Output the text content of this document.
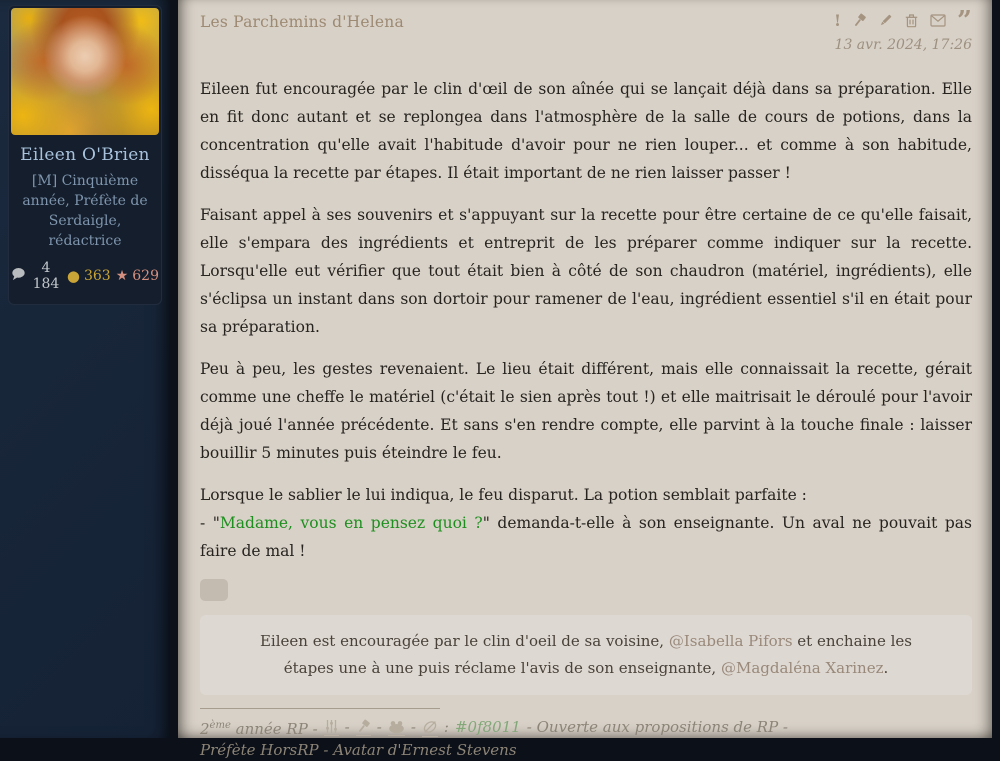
Eileen O'Brien
[M] Cinquième année, Préfète de Serdaigle, rédactrice
4 184 ● 363 ★ 629
Les Parchemins d'Helena	!	”
13 avr. 2024, 17:26

Eileen fut encouragée par le clin d'œil de son aînée qui se lançait déjà dans sa préparation. Elle en fit donc autant et se replongea dans l'atmosphère de la salle de cours de potions, dans la concentration qu'elle avait l'habitude d'avoir pour ne rien louper... et comme à son habitude, disséqua la recette par étapes. Il était important de ne rien laisser passer !

Faisant appel à ses souvenirs et s'appuyant sur la recette pour être certaine de ce qu'elle faisait, elle s'empara des ingrédients et entreprit de les préparer comme indiquer sur la recette. Lorsqu'elle eut vérifier que tout était bien à côté de son chaudron (matériel, ingrédients), elle s'éclipsa un instant dans son dortoir pour ramener de l'eau, ingrédient essentiel s'il en était pour sa préparation.

Peu à peu, les gestes revenaient. Le lieu était différent, mais elle connaissait la recette, gérait comme une cheffe le matériel (c'était le sien après tout !) et elle maitrisait le déroulé pour l'avoir déjà joué l'année précédente. Et sans s'en rendre compte, elle parvint à la touche finale : laisser bouillir 5 minutes puis éteindre le feu.

Lorsque le sablier le lui indiqua, le feu disparut. La potion semblait parfaite :
- "Madame, vous en pensez quoi ?" demanda-t-elle à son enseignante. Un aval ne pouvait pas faire de mal !

Eileen est encouragée par le clin d'oeil de sa voisine, @Isabella Pifors et enchaine les étapes une à une puis réclame l'avis de son enseignante, @Magdaléna Xarinez.
2ème année RP - - - - : #0f8011 - Ouverte aux propositions de RP -
Préfète HorsRP - Avatar d'Ernest Stevens
